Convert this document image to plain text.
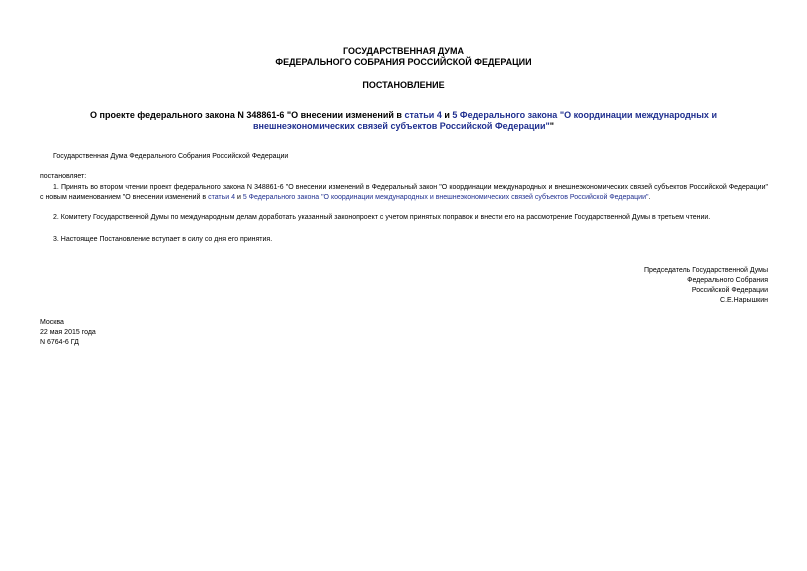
ГОСУДАРСТВЕННАЯ ДУМА
ФЕДЕРАЛЬНОГО СОБРАНИЯ РОССИЙСКОЙ ФЕДЕРАЦИИ
ПОСТАНОВЛЕНИЕ
О проекте федерального закона N 348861-6 "О внесении изменений в статьи 4 и 5 Федерального закона "О координации международных и внешнеэкономических связей субъектов Российской Федерации""
Государственная Дума Федерального Собрания Российской Федерации
постановляет:
1. Принять во втором чтении проект федерального закона N 348861-6 "О внесении изменений в Федеральный закон "О координации международных и внешнеэкономических связей субъектов Российской Федерации" с новым наименованием "О внесении изменений в статьи 4 и 5 Федерального закона "О координации международных и внешнеэкономических связей субъектов Российской Федерации".
2. Комитету Государственной Думы по международным делам доработать указанный законопроект с учетом принятых поправок и внести его на рассмотрение Государственной Думы в третьем чтении.
3. Настоящее Постановление вступает в силу со дня его принятия.
Председатель Государственной Думы
Федерального Собрания
Российской Федерации
С.Е.Нарышкин
Москва
22 мая 2015 года
N 6764-6 ГД
